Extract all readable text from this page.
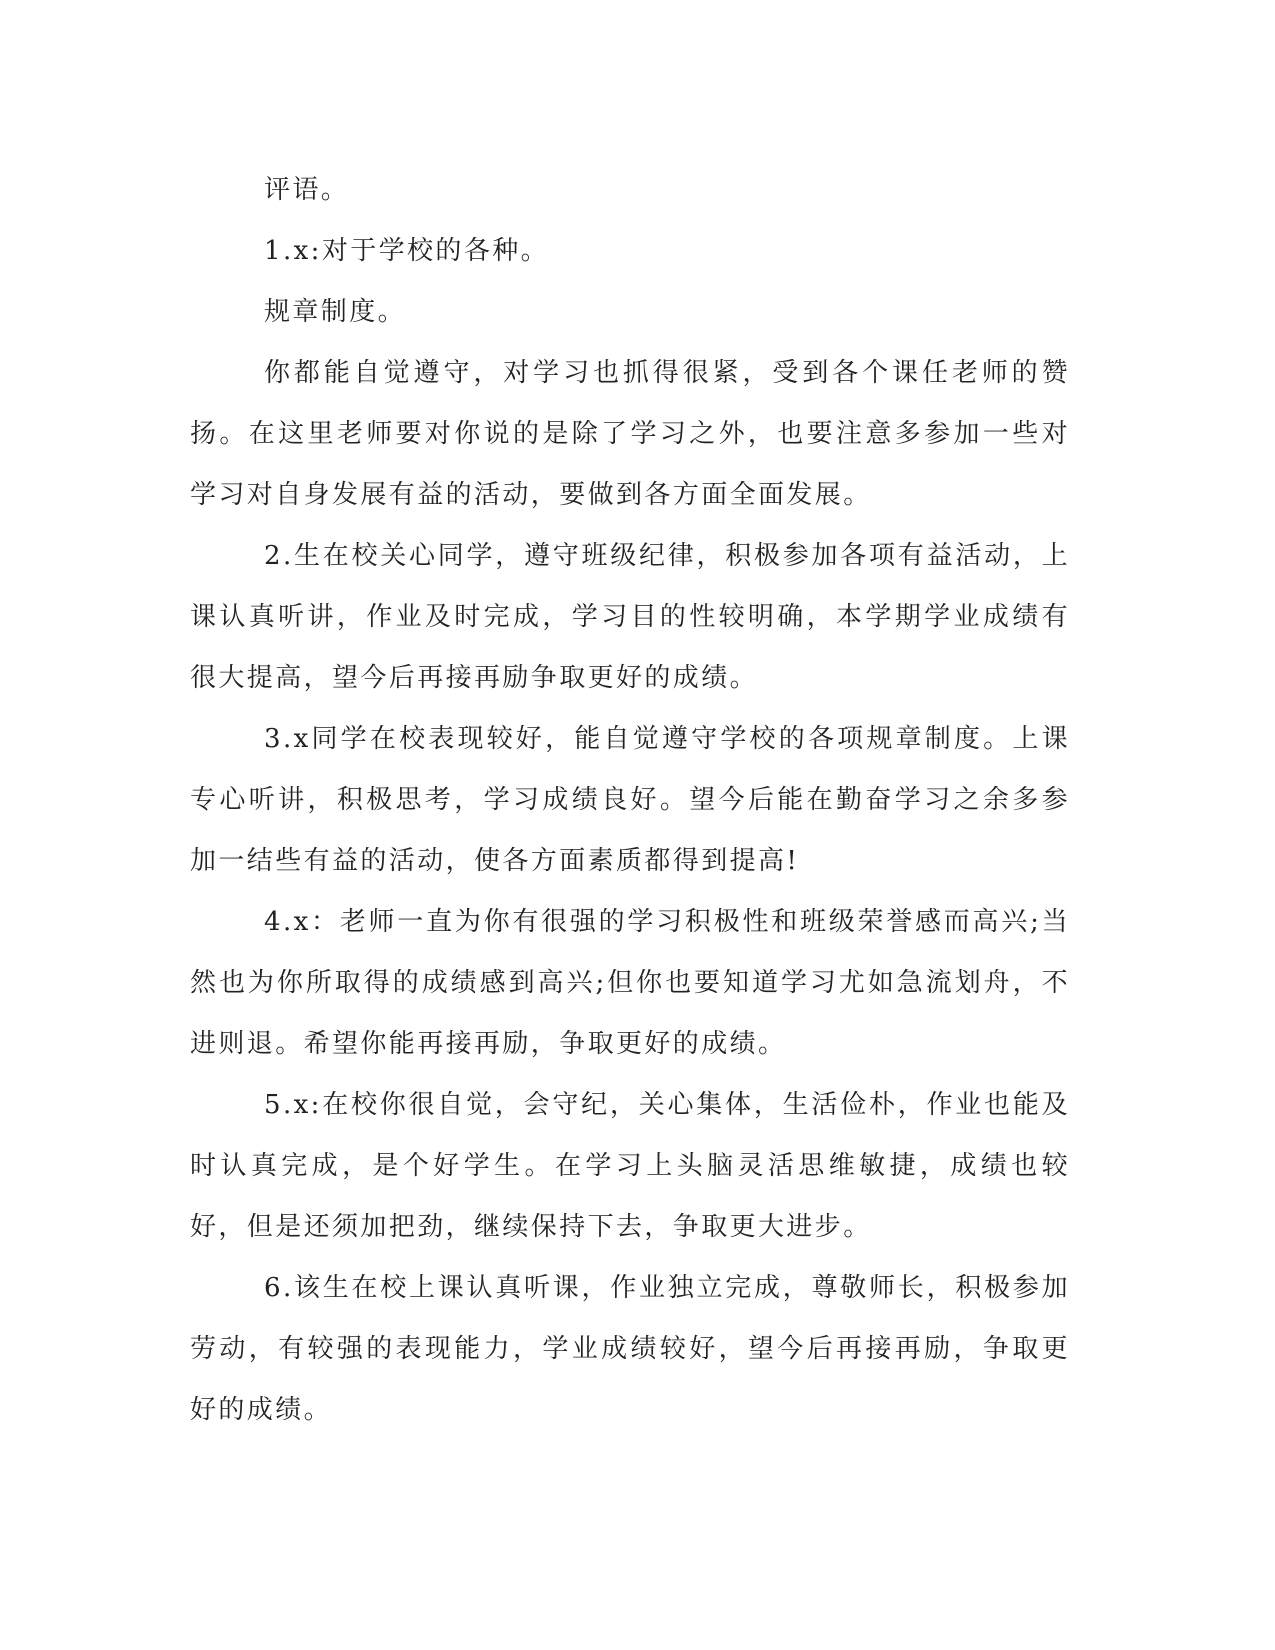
评语。

1.x:对于学校的各种。

规章制度。

你都能自觉遵守，对学习也抓得很紧，受到各个课任老师的赞扬。在这里老师要对你说的是除了学习之外，也要注意多参加一些对学习对自身发展有益的活动，要做到各方面全面发展。

2.生在校关心同学，遵守班级纪律，积极参加各项有益活动，上课认真听讲，作业及时完成，学习目的性较明确，本学期学业成绩有很大提高，望今后再接再励争取更好的成绩。

3.x同学在校表现较好，能自觉遵守学校的各项规章制度。上课专心听讲，积极思考，学习成绩良好。望今后能在勤奋学习之余多参加一结些有益的活动，使各方面素质都得到提高!

4.x：老师一直为你有很强的学习积极性和班级荣誉感而高兴;当然也为你所取得的成绩感到高兴;但你也要知道学习尤如急流划舟，不进则退。希望你能再接再励，争取更好的成绩。

5.x:在校你很自觉，会守纪，关心集体，生活俭朴，作业也能及时认真完成，是个好学生。在学习上头脑灵活思维敏捷，成绩也较好，但是还须加把劲，继续保持下去，争取更大进步。

6.该生在校上课认真听课，作业独立完成，尊敬师长，积极参加劳动，有较强的表现能力，学业成绩较好，望今后再接再励，争取更好的成绩。
